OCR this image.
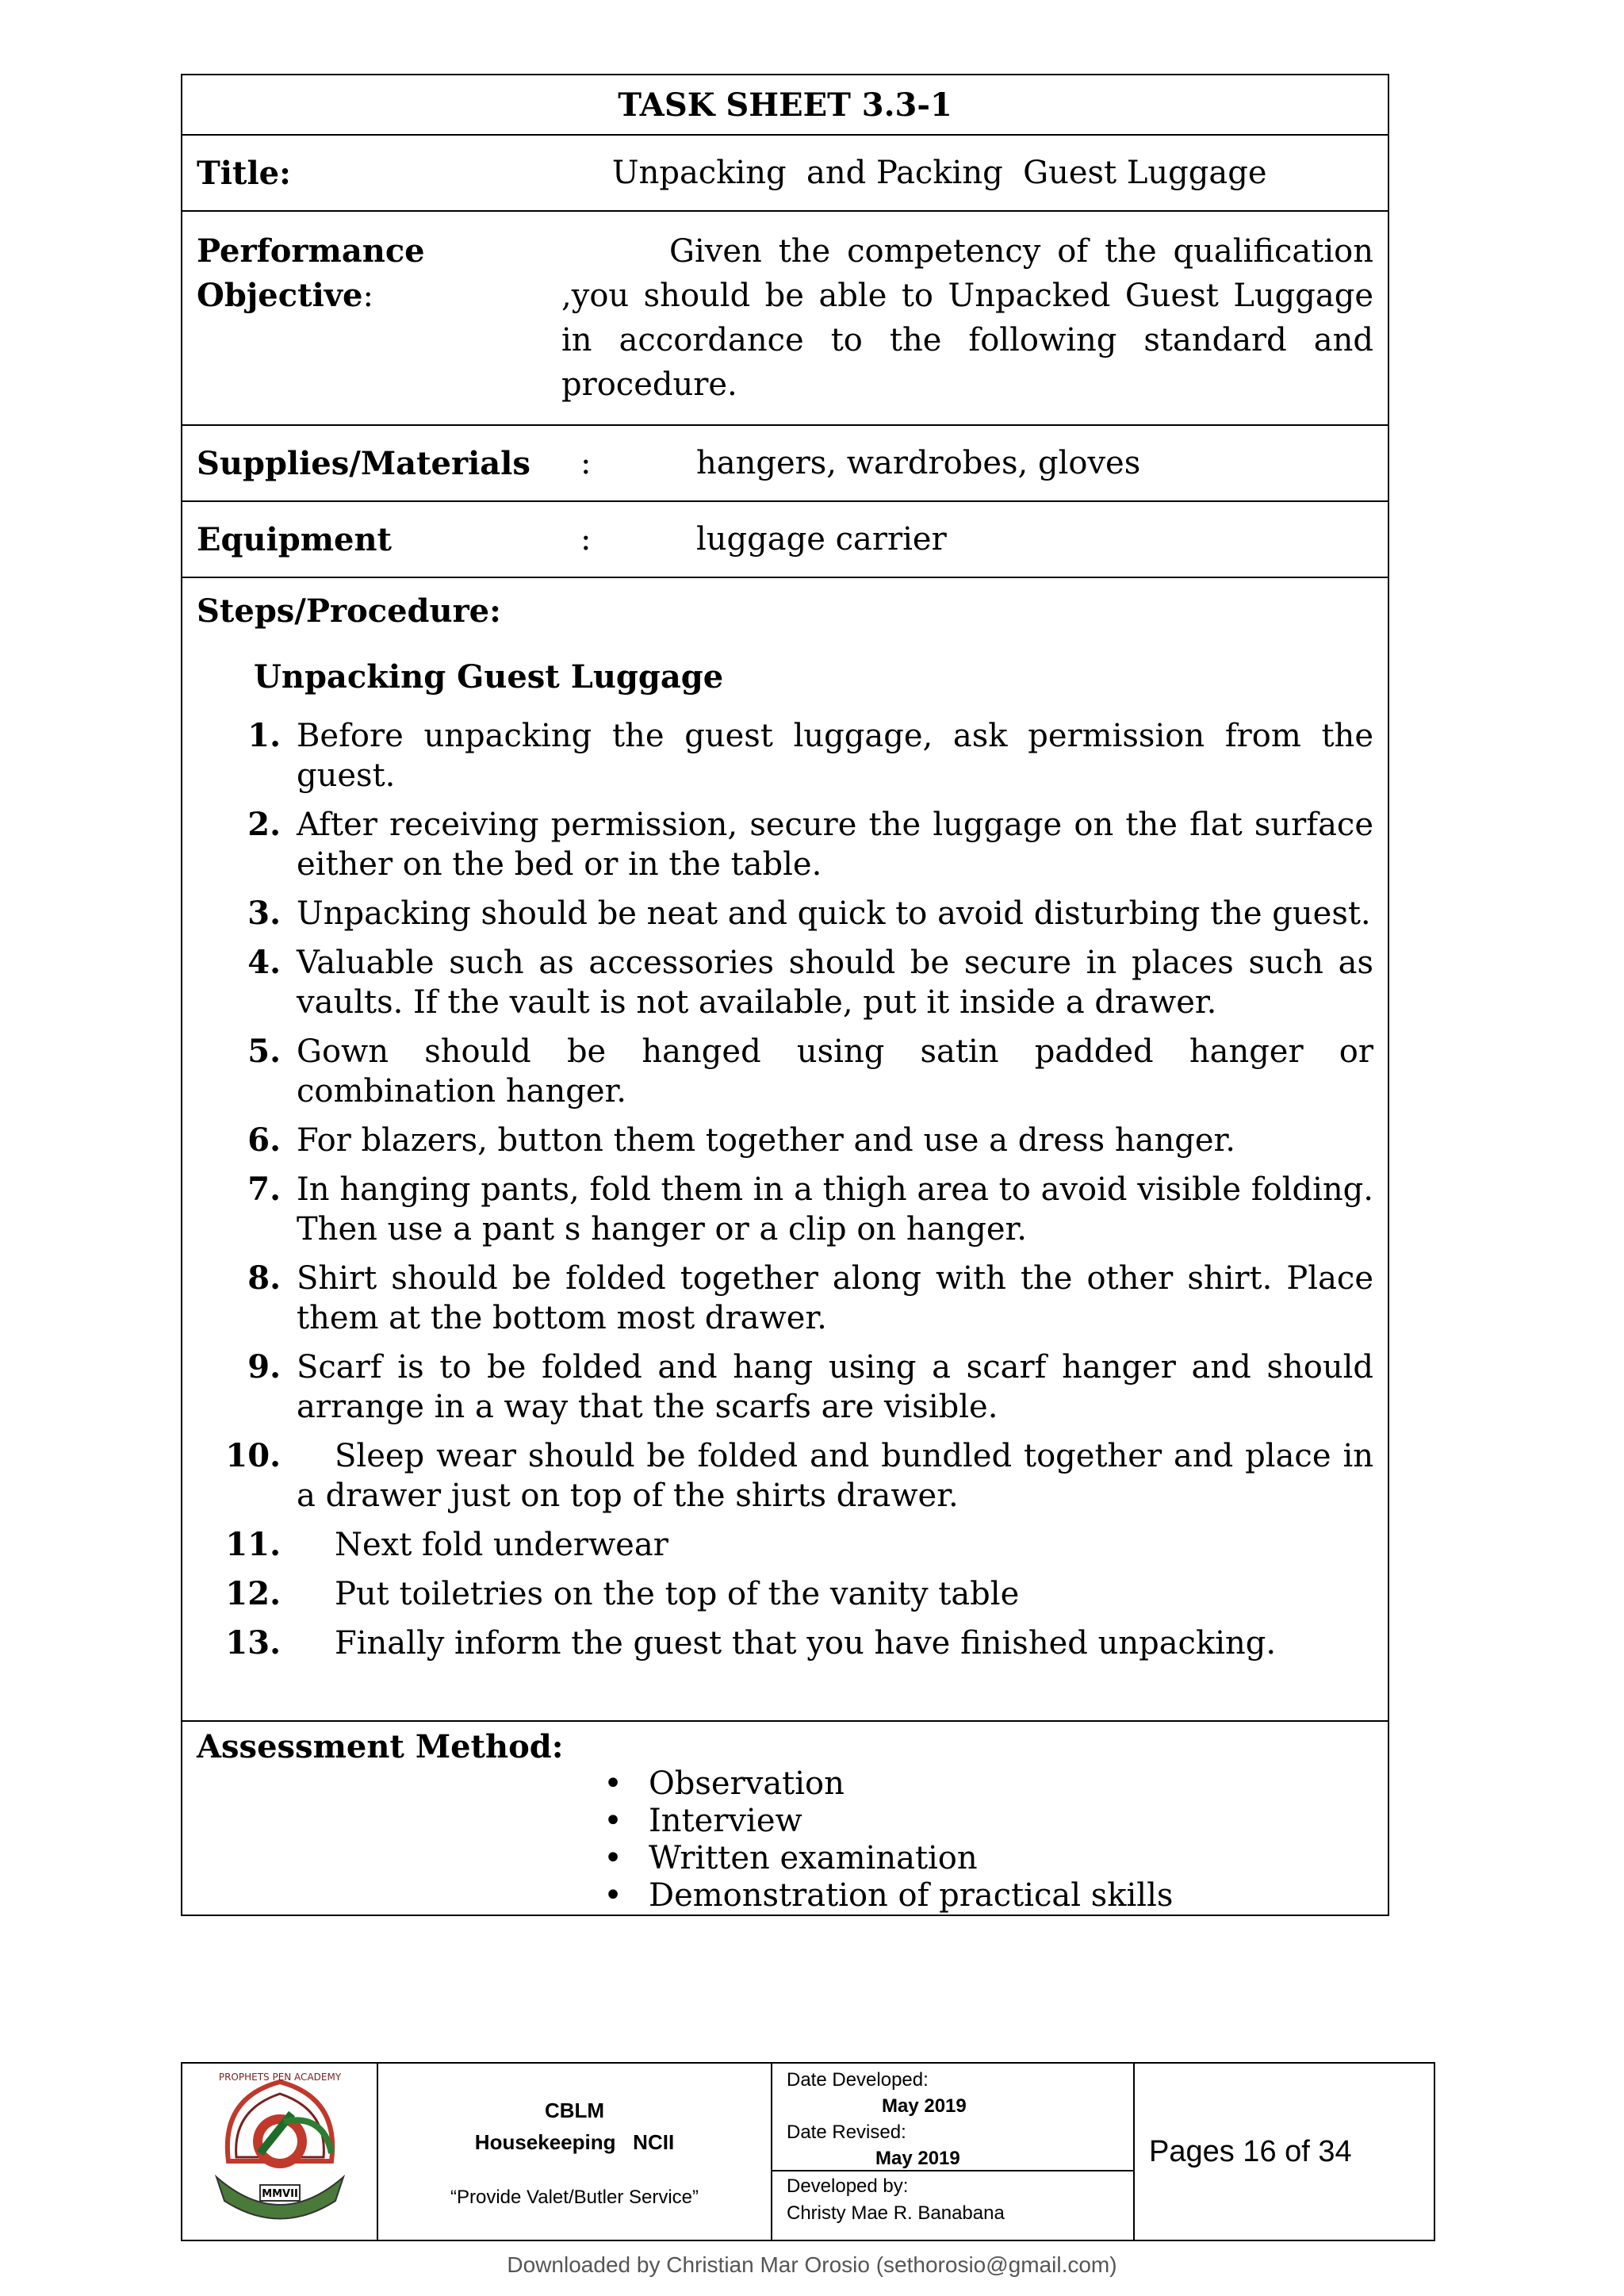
TASK SHEET 3.3-1

Title:	Unpacking  and Packing  Guest Luggage

Performance Objective:
Given the competency of the qualification ,you should be able to Unpacked Guest Luggage in accordance to the following standard and procedure.

Supplies/Materials	:	hangers, wardrobes, gloves

Equipment	:	luggage carrier

Steps/Procedure:
Unpacking Guest Luggage
1. Before unpacking the guest luggage, ask permission from the guest.
2. After receiving permission, secure the luggage on the flat surface either on the bed or in the table.
3. Unpacking should be neat and quick to avoid disturbing the guest.
4. Valuable such as accessories should be secure in places such as vaults. If the vault is not available, put it inside a drawer.
5. Gown should be hanged using satin padded hanger or combination hanger.
6. For blazers, button them together and use a dress hanger.
7. In hanging pants, fold them in a thigh area to avoid visible folding. Then use a pant s hanger or a clip on hanger.
8. Shirt should be folded together along with the other shirt. Place them at the bottom most drawer.
9. Scarf is to be folded and hang using a scarf hanger and should arrange in a way that the scarfs are visible.
10.	Sleep wear should be folded and bundled together and place in a drawer just on top of the shirts drawer.
11.	Next fold underwear
12.	Put toiletries on the top of the vanity table
13.	Finally inform the guest that you have finished unpacking.

Assessment Method:
• Observation
• Interview
• Written examination
• Demonstration of practical skills
MMVII
PROPHETS PEN ACADEMY

CBLM
Housekeeping   NCII
“Provide Valet/Butler Service”

Date Developed:
May 2019
Date Revised:
May 2019
Developed by:
Christy Mae R. Banabana
	Pages 16 of 34
Downloaded by Christian Mar Orosio (sethorosio@gmail.com)
